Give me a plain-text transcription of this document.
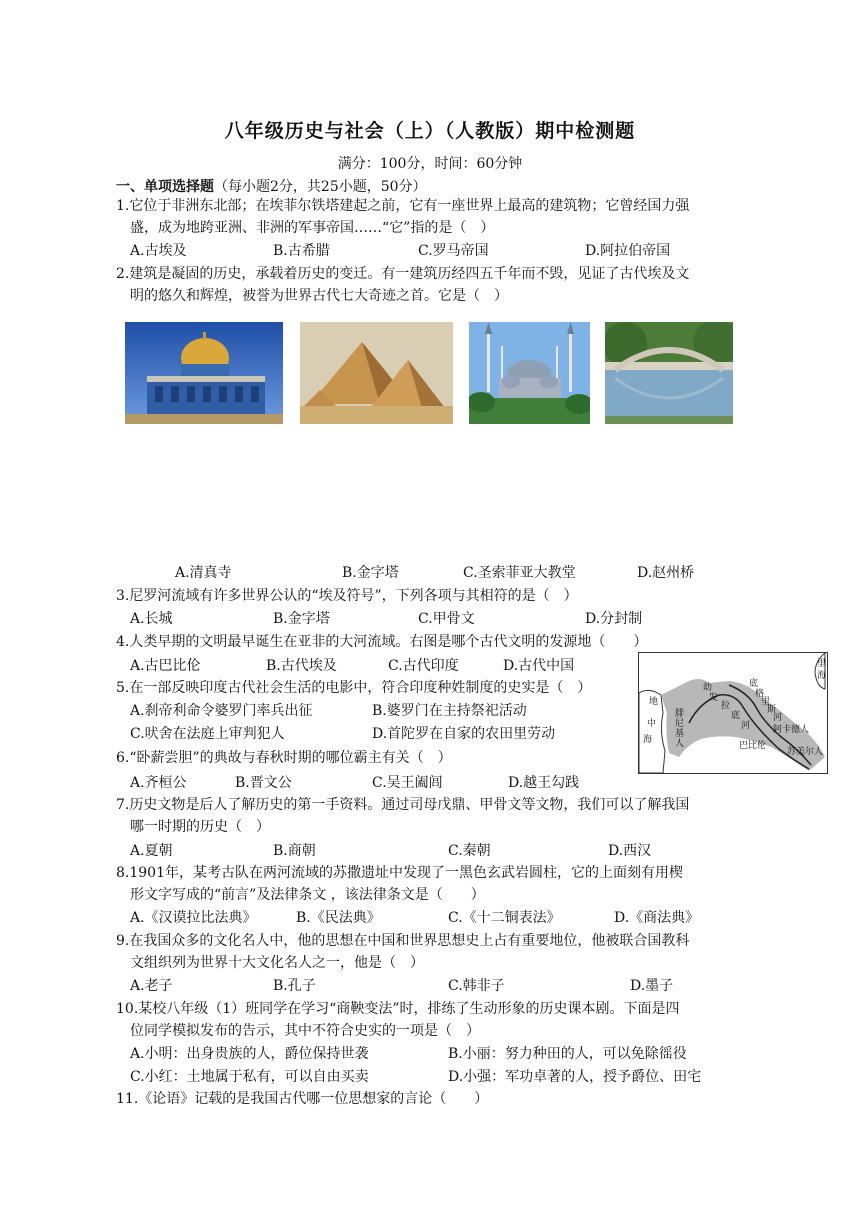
八年级历史与社会（上）（人教版）期中检测题
满分：100分，时间：60分钟
一、单项选择题（每小题2分，共25小题，50分）
1.它位于非洲东北部；在埃菲尔铁塔建起之前，它有一座世界上最高的建筑物；它曾经国力强
盛，成为地跨亚洲、非洲的军事帝国……“它”指的是（　）
A.古埃及	B.古希腊	C.罗马帝国	D.阿拉伯帝国
2.建筑是凝固的历史，承载着历史的变迁。有一建筑历经四五千年而不毁，见证了古代埃及文
明的悠久和辉煌，被誉为世界古代七大奇迹之首。它是（　）
A.清真寺	B.金字塔	C.圣索菲亚大教堂	D.赵州桥
3.尼罗河流域有许多世界公认的“埃及符号”，下列各项与其相符的是（　）
A.长城	B.金字塔	C.甲骨文	D.分封制
4.人类早期的文明最早诞生在亚非的大河流域。右图是哪个古代文明的发源地（　　）
A.古巴比伦	B.古代埃及	C.古代印度	D.古代中国
地
中
海
腓尼基人
幼
发
拉
底
河
底
格
里
斯
河
阿卡德人
巴比伦
苏美尔人
里
海
5.在一部反映印度古代社会生活的电影中，符合印度种姓制度的史实是（　）
A.刹帝利命令婆罗门率兵出征	B.婆罗门在主持祭祀活动
C.吠舍在法庭上审判犯人	D.首陀罗在自家的农田里劳动
6.“卧薪尝胆”的典故与春秋时期的哪位霸主有关（　）
A.齐桓公	B.晋文公	C.吴王阖闾	D.越王勾践
7.历史文物是后人了解历史的第一手资料。通过司母戊鼎、甲骨文等文物，我们可以了解我国
哪一时期的历史（　）
A.夏朝	B.商朝	C.秦朝	D.西汉
8.1901年，某考古队在两河流域的苏撒遗址中发现了一黑色玄武岩圆柱，它的上面刻有用楔
形文字写成的“前言”及法律条文 ，该法律条文是（　　）
A.《汉谟拉比法典》	B.《民法典》	C.《十二铜表法》	D.《商法典》
9.在我国众多的文化名人中，他的思想在中国和世界思想史上占有重要地位，他被联合国教科
文组织列为世界十大文化名人之一，他是（　）
A.老子	B.孔子	C.韩非子	D.墨子
10.某校八年级（1）班同学在学习“商鞅变法”时，排练了生动形象的历史课本剧。下面是四
位同学模拟发布的告示，其中不符合史实的一项是（　）
A.小明：出身贵族的人，爵位保持世袭	B.小丽：努力种田的人，可以免除徭役
C.小红：土地属于私有，可以自由买卖	D.小强：军功卓著的人，授予爵位、田宅
11.《论语》记载的是我国古代哪一位思想家的言论（　　）
